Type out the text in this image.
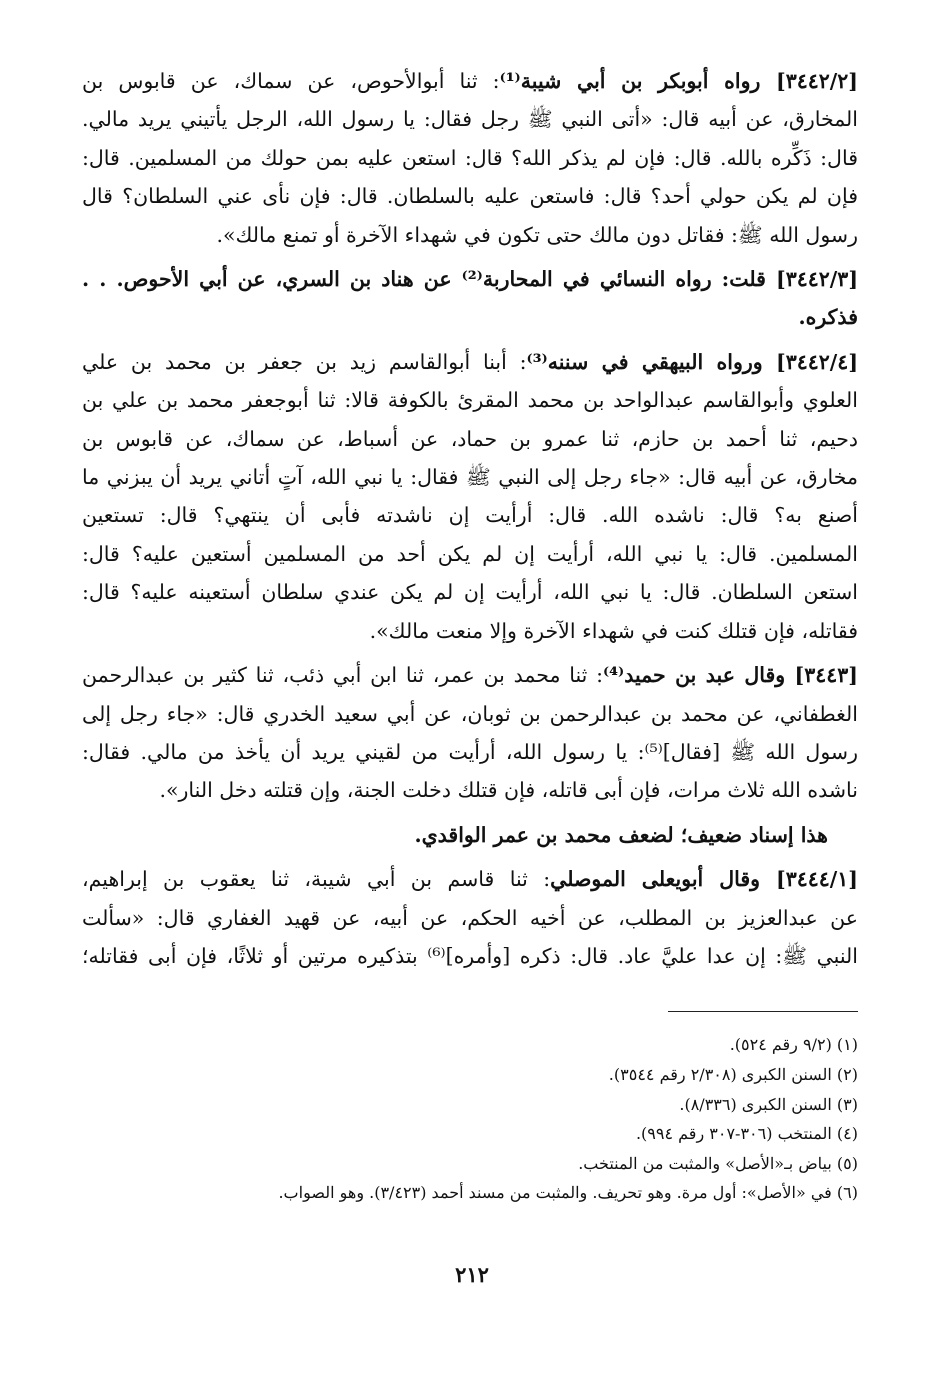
[٣٤٤٢/٢] رواه أبوبكر بن أبي شيبة⁽¹⁾: ثنا أبوالأحوص، عن سماك، عن قابوس بن
المخارق، عن أبيه قال: «أتى النبي ﷺ رجل فقال: يا رسول الله، الرجل يأتيني يريد مالي.
قال: ذَكِّره بالله. قال: فإن لم يذكر الله؟ قال: استعن عليه بمن حولك من المسلمين. قال:
فإن لم يكن حولي أحد؟ قال: فاستعن عليه بالسلطان. قال: فإن نأى عني السلطان؟ قال
رسول الله ﷺ: فقاتل دون مالك حتى تكون في شهداء الآخرة أو تمنع مالك».
[٣٤٤٢/٣] قلت: رواه النسائي في المحاربة⁽²⁾ عن هناد بن السري، عن أبي الأحوص. . .
فذكره.
[٣٤٤٢/٤] ورواه البيهقي في سننه⁽³⁾: أبنا أبوالقاسم زيد بن جعفر بن محمد بن علي
العلوي وأبوالقاسم عبدالواحد بن محمد المقرئ بالكوفة قالا: ثنا أبوجعفر محمد بن علي بن
دحيم، ثنا أحمد بن حازم، ثنا عمرو بن حماد، عن أسباط، عن سماك، عن قابوس بن
مخارق، عن أبيه قال: «جاء رجل إلى النبي ﷺ فقال: يا نبي الله، آتٍ أتاني يريد أن يبزني ما
أصنع به؟ قال: ناشده الله. قال: أرأيت إن ناشدته فأبى أن ينتهي؟ قال: تستعين
المسلمين. قال: يا نبي الله، أرأيت إن لم يكن أحد من المسلمين أستعين عليه؟ قال:
استعن السلطان. قال: يا نبي الله، أرأيت إن لم يكن عندي سلطان أستعينه عليه؟ قال:
فقاتله، فإن قتلك كنت في شهداء الآخرة وإلا منعت مالك».
[٣٤٤٣] وقال عبد بن حميد⁽⁴⁾: ثنا محمد بن عمر، ثنا ابن أبي ذئب، ثنا كثير بن عبدالرحمن
الغطفاني، عن محمد بن عبدالرحمن بن ثوبان، عن أبي سعيد الخدري قال: «جاء رجل إلى
رسول الله ﷺ [فقال]⁽⁵⁾: يا رسول الله، أرأيت من لقيني يريد أن يأخذ من مالي. فقال:
ناشده الله ثلاث مرات، فإن أبى قاتله، فإن قتلك دخلت الجنة، وإن قتلته دخل النار».
هذا إسناد ضعيف؛ لضعف محمد بن عمر الواقدي.
[٣٤٤٤/١] وقال أبويعلى الموصلي: ثنا قاسم بن أبي شيبة، ثنا يعقوب بن إبراهيم،
عن عبدالعزيز بن المطلب، عن أخيه الحكم، عن أبيه، عن قهيد الغفاري قال: «سألت
النبي ﷺ: إن عدا عليَّ عاد. قال: ذكره [وأمره]⁽⁶⁾ بتذكيره مرتين أو ثلاثًا، فإن أبى فقاتله؛
(١) (٩/٢ رقم ٥٢٤).
(٢) السنن الكبرى (٢/٣٠٨ رقم ٣٥٤٤).
(٣) السنن الكبرى (٨/٣٣٦).
(٤) المنتخب (٣٠٦-٣٠٧ رقم ٩٩٤).
(٥) بياض بـ«الأصل» والمثبت من المنتخب.
(٦) في «الأصل»: أول مرة. وهو تحريف. والمثبت من مسند أحمد (٣/٤٢٣). وهو الصواب.
٢١٢
